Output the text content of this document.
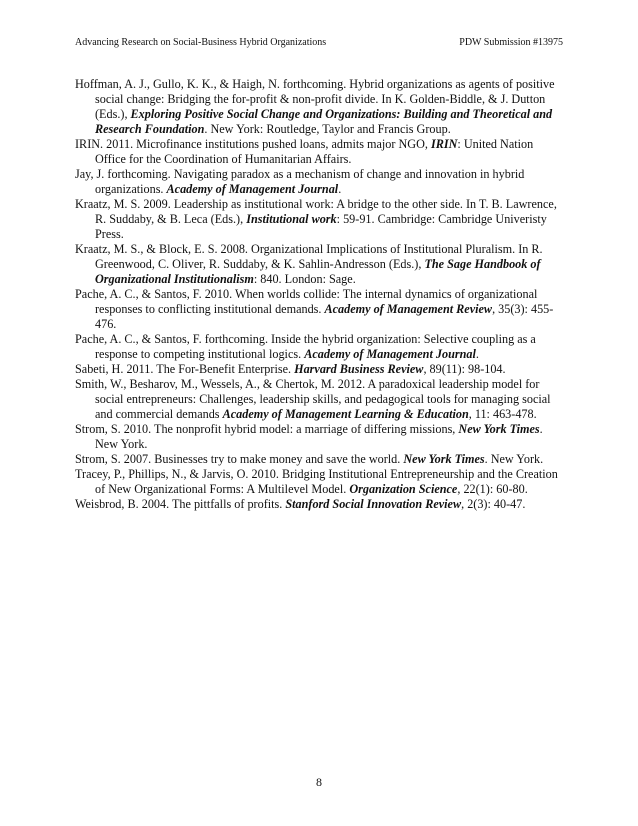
Advancing Research on Social-Business Hybrid Organizations	PDW Submission #13975

Hoffman, A. J., Gullo, K. K., & Haigh, N. forthcoming. Hybrid organizations as agents of positive social change: Bridging the for-profit & non-profit divide. In K. Golden-Biddle, & J. Dutton (Eds.), Exploring Positive Social Change and Organizations: Building and Theoretical and Research Foundation. New York: Routledge, Taylor and Francis Group.

IRIN. 2011. Microfinance institutions pushed loans, admits major NGO, IRIN: United Nation Office for the Coordination of Humanitarian Affairs.

Jay, J. forthcoming. Navigating paradox as a mechanism of change and innovation in hybrid organizations. Academy of Management Journal.

Kraatz, M. S. 2009. Leadership as institutional work: A bridge to the other side. In T. B. Lawrence, R. Suddaby, & B. Leca (Eds.), Institutional work: 59-91. Cambridge: Cambridge Univeristy Press.

Kraatz, M. S., & Block, E. S. 2008. Organizational Implications of Institutional Pluralism. In R. Greenwood, C. Oliver, R. Suddaby, & K. Sahlin-Andresson (Eds.), The Sage Handbook of Organizational Institutionalism: 840. London: Sage.

Pache, A. C., & Santos, F. 2010. When worlds collide: The internal dynamics of organizational responses to conflicting institutional demands. Academy of Management Review, 35(3): 455-476.

Pache, A. C., & Santos, F. forthcoming. Inside the hybrid organization: Selective coupling as a response to competing institutional logics. Academy of Management Journal.

Sabeti, H. 2011. The For-Benefit Enterprise. Harvard Business Review, 89(11): 98-104.

Smith, W., Besharov, M., Wessels, A., & Chertok, M. 2012. A paradoxical leadership model for social entrepreneurs: Challenges, leadership skills, and pedagogical tools for managing social and commercial demands Academy of Management Learning & Education, 11: 463-478.

Strom, S. 2010. The nonprofit hybrid model: a marriage of differing missions, New York Times. New York.

Strom, S. 2007. Businesses try to make money and save the world. New York Times. New York.

Tracey, P., Phillips, N., & Jarvis, O. 2010. Bridging Institutional Entrepreneurship and the Creation of New Organizational Forms: A Multilevel Model. Organization Science, 22(1): 60-80.

Weisbrod, B. 2004. The pittfalls of profits. Stanford Social Innovation Review, 2(3): 40-47.

8
